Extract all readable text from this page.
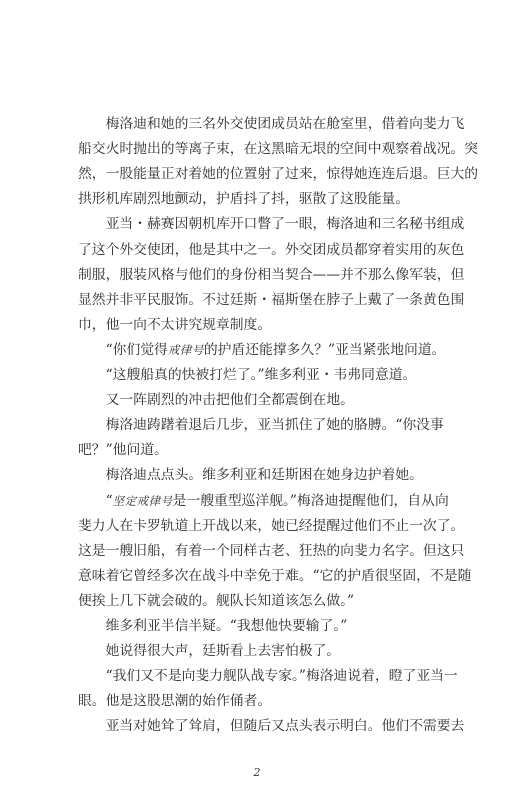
　　梅洛迪和她的三名外交使团成员站在舱室里，借着向斐力飞
船交火时抛出的等离子束，在这黑暗无垠的空间中观察着战况。突
然，一股能量正对着她的位置射了过来，惊得她连连后退。巨大的
拱形机库剧烈地颤动，护盾抖了抖，驱散了这股能量。
　　亚当・赫赛因朝机库开口瞥了一眼，梅洛迪和三名秘书组成
了这个外交使团，他是其中之一。外交团成员都穿着实用的灰色
制服，服装风格与他们的身份相当契合——并不那么像军装，但
显然并非平民服饰。不过廷斯・福斯堡在脖子上戴了一条黄色围
巾，他一向不太讲究规章制度。
　　“你们觉得戒律号的护盾还能撑多久？”亚当紧张地问道。
　　“这艘船真的快被打烂了。”维多利亚・韦弗同意道。
　　又一阵剧烈的冲击把他们全都震倒在地。
　　梅洛迪踌躇着退后几步，亚当抓住了她的胳膊。“你没事
吧？”他问道。
　　梅洛迪点点头。维多利亚和廷斯困在她身边护着她。
　　“坚定戒律号是一艘重型巡洋舰。”梅洛迪提醒他们，自从向
斐力人在卡罗轨道上开战以来，她已经提醒过他们不止一次了。
这是一艘旧船，有着一个同样古老、狂热的向斐力名字。但这只
意味着它曾经多次在战斗中幸免于难。“它的护盾很坚固，不是随
便挨上几下就会破的。舰队长知道该怎么做。”
　　维多利亚半信半疑。“我想他快要输了。”
　　她说得很大声，廷斯看上去害怕极了。
　　“我们又不是向斐力舰队战专家。”梅洛迪说着，瞪了亚当一
眼。他是这股思潮的始作俑者。
　　亚当对她耸了耸肩，但随后又点头表示明白。他们不需要去
2
